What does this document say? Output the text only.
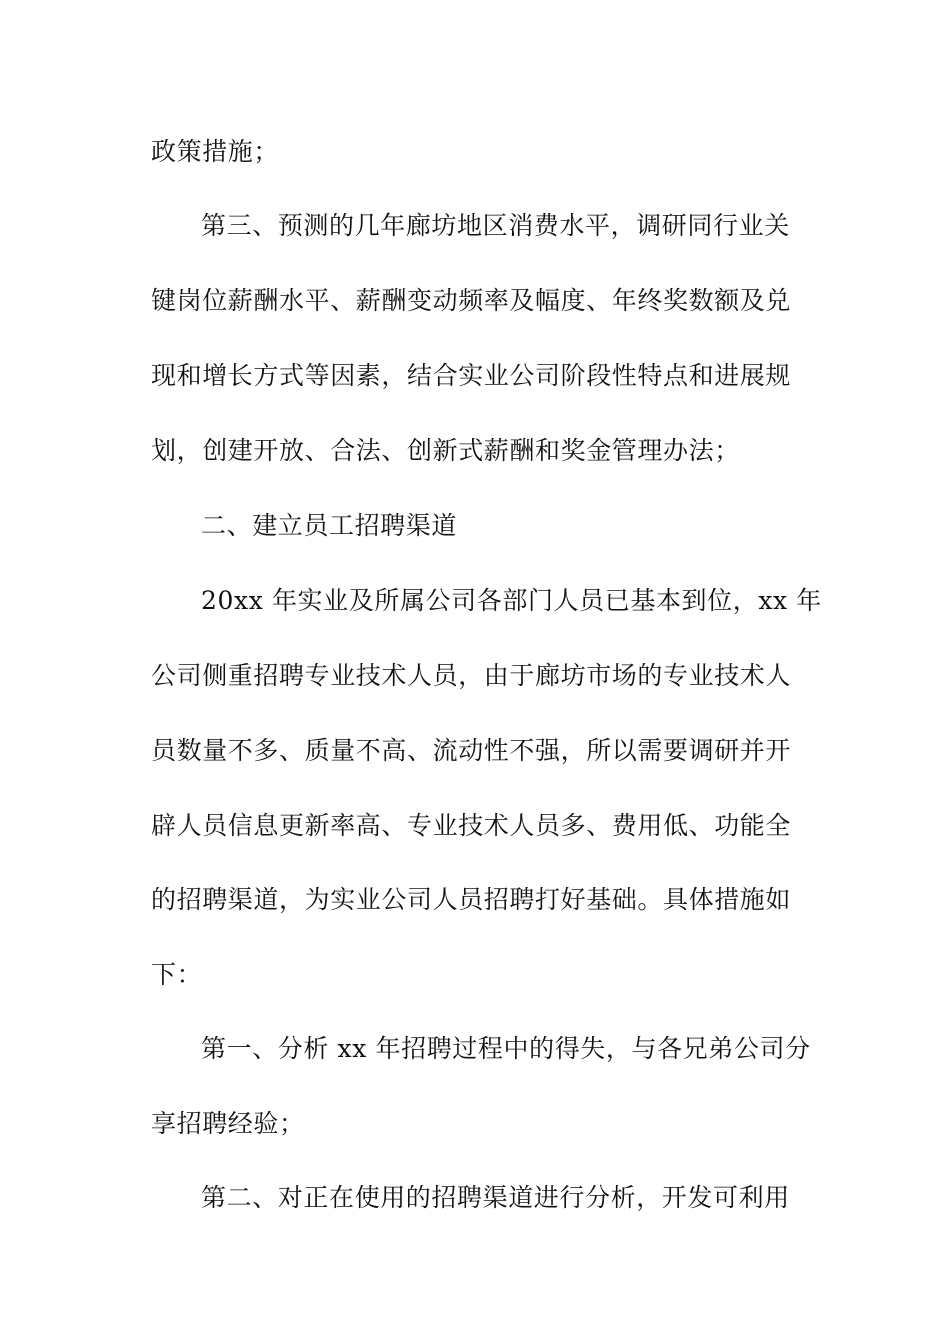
政策措施；
第三、预测的几年廊坊地区消费水平，调研同行业关
键岗位薪酬水平、薪酬变动频率及幅度、年终奖数额及兑
现和增长方式等因素，结合实业公司阶段性特点和进展规
划，创建开放、合法、创新式薪酬和奖金管理办法；
二、建立员工招聘渠道
20xx 年实业及所属公司各部门人员已基本到位，xx 年
公司侧重招聘专业技术人员，由于廊坊市场的专业技术人
员数量不多、质量不高、流动性不强，所以需要调研并开
辟人员信息更新率高、专业技术人员多、费用低、功能全
的招聘渠道，为实业公司人员招聘打好基础。具体措施如
下：
第一、分析 xx 年招聘过程中的得失，与各兄弟公司分
享招聘经验；
第二、对正在使用的招聘渠道进行分析，开发可利用
